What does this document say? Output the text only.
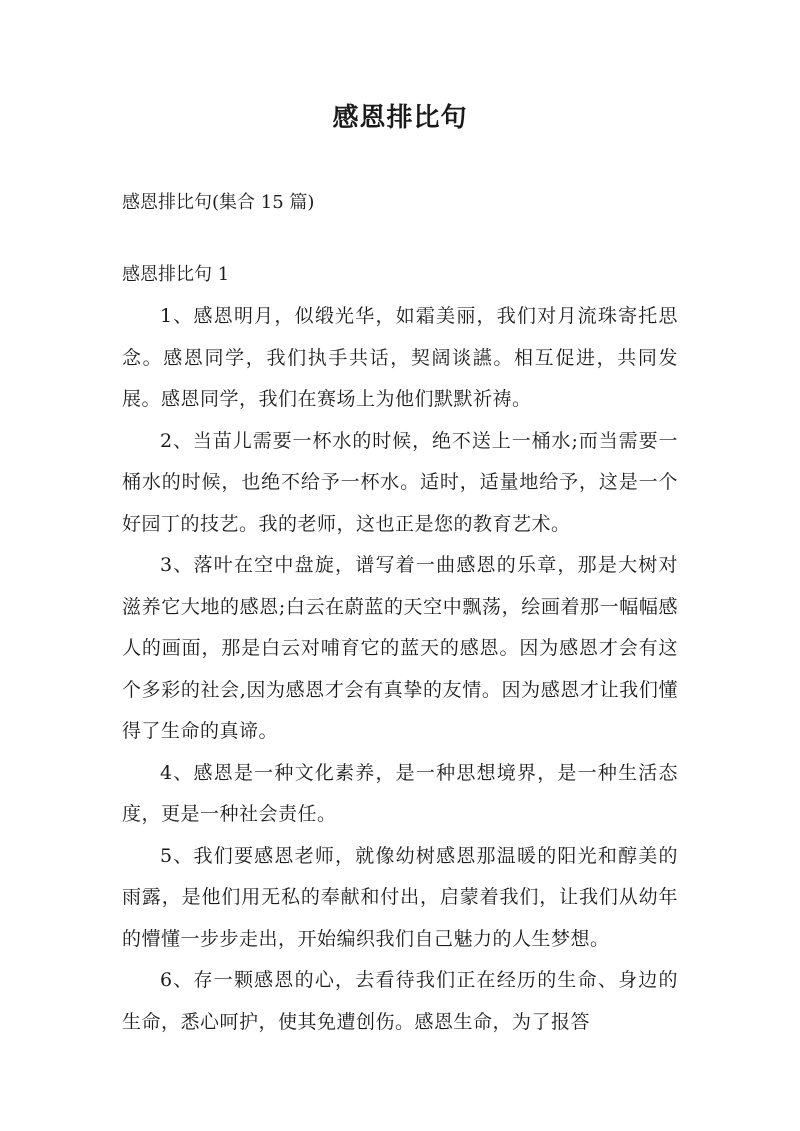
感恩排比句
感恩排比句(集合 15 篇)
感恩排比句 1

1、感恩明月，似缎光华，如霜美丽，我们对月流珠寄托思念。感恩同学，我们执手共话，契阔谈讌。相互促进，共同发展。感恩同学，我们在赛场上为他们默默祈祷。

2、当苗儿需要一杯水的时候，绝不送上一桶水;而当需要一桶水的时候，也绝不给予一杯水。适时，适量地给予，这是一个好园丁的技艺。我的老师，这也正是您的教育艺术。

3、落叶在空中盘旋，谱写着一曲感恩的乐章，那是大树对滋养它大地的感恩;白云在蔚蓝的天空中飘荡，绘画着那一幅幅感人的画面，那是白云对哺育它的蓝天的感恩。因为感恩才会有这个多彩的社会,因为感恩才会有真挚的友情。因为感恩才让我们懂得了生命的真谛。

4、感恩是一种文化素养，是一种思想境界，是一种生活态度，更是一种社会责任。

5、我们要感恩老师，就像幼树感恩那温暖的阳光和醇美的雨露，是他们用无私的奉献和付出，启蒙着我们，让我们从幼年的懵懂一步步走出，开始编织我们自己魅力的人生梦想。

6、存一颗感恩的心，去看待我们正在经历的生命、身边的生命，悉心呵护，使其免遭创伤。感恩生命，为了报答
